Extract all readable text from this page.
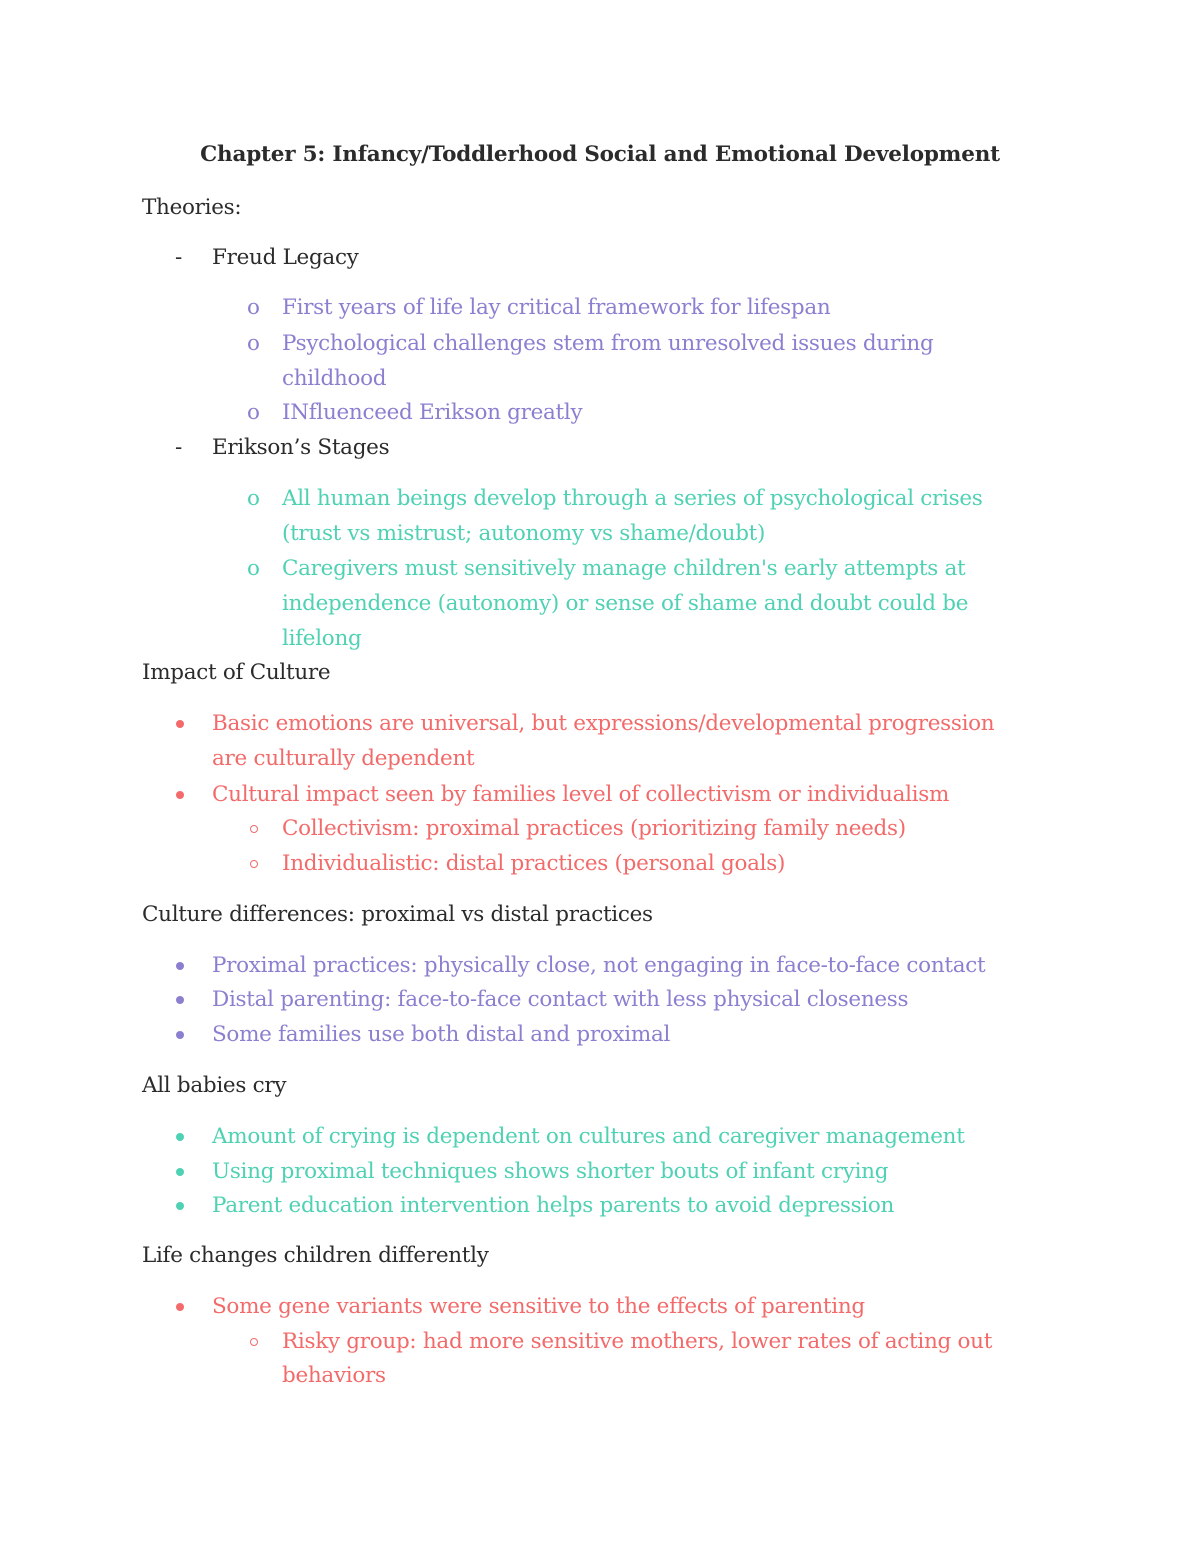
Chapter 5: Infancy/Toddlerhood Social and Emotional Development
Theories:
- Freud Legacy
o First years of life lay critical framework for lifespan
o Psychological challenges stem from unresolved issues during
childhood
o INfluenceed Erikson greatly
- Erikson’s Stages
o All human beings develop through a series of psychological crises
(trust vs mistrust; autonomy vs shame/doubt)
o Caregivers must sensitively manage children's early attempts at
independence (autonomy) or sense of shame and doubt could be
lifelong
Impact of Culture
Basic emotions are universal, but expressions/developmental progression
are culturally dependent
Cultural impact seen by families level of collectivism or individualism
Collectivism: proximal practices (prioritizing family needs)
Individualistic: distal practices (personal goals)
Culture differences: proximal vs distal practices
Proximal practices: physically close, not engaging in face-to-face contact
Distal parenting: face-to-face contact with less physical closeness
Some families use both distal and proximal
All babies cry
Amount of crying is dependent on cultures and caregiver management
Using proximal techniques shows shorter bouts of infant crying
Parent education intervention helps parents to avoid depression
Life changes children differently
Some gene variants were sensitive to the effects of parenting
Risky group: had more sensitive mothers, lower rates of acting out
behaviors
